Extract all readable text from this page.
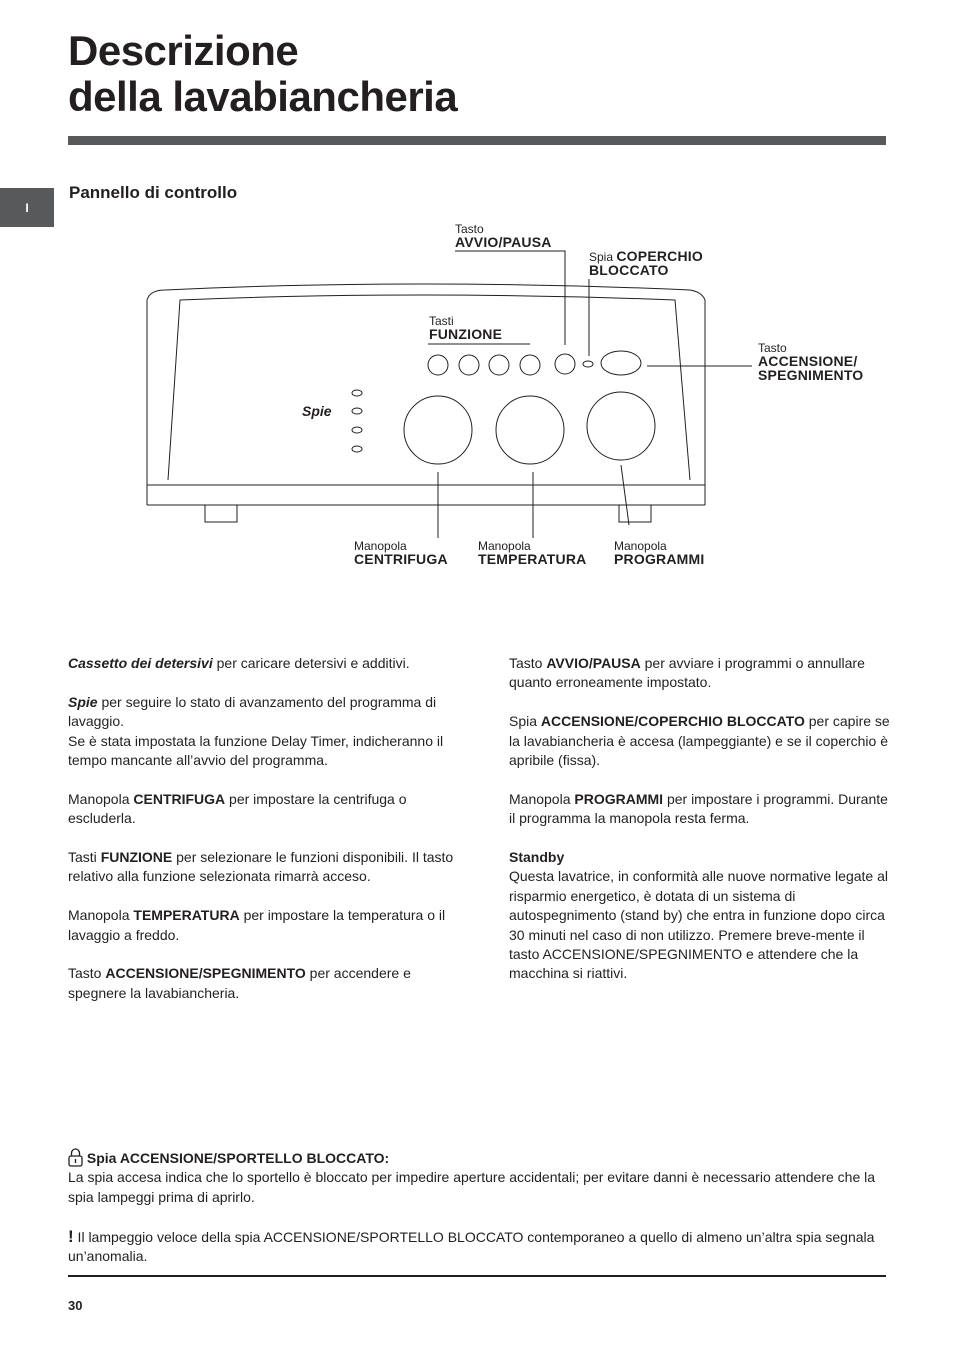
Descrizione
della lavabiancheria
I
Pannello di controllo
Tasto
AVVIO/PAUSA
Spia COPERCHIO
BLOCCATO
Tasti
FUNZIONE
Tasto
ACCENSIONE/
SPEGNIMENTO
Spie
Manopola
CENTRIFUGA
Manopola
TEMPERATURA
Manopola
PROGRAMMI

Cassetto dei detersivi per caricare detersivi e additivi.

Spie per seguire lo stato di avanzamento del programma di lavaggio.
Se è stata impostata la funzione Delay Timer, indicheranno il tempo mancante all’avvio del programma.

Manopola CENTRIFUGA per impostare la centrifuga o escluderla.

Tasti FUNZIONE per selezionare le funzioni disponibili. Il tasto relativo alla funzione selezionata rimarrà acceso.

Manopola TEMPERATURA per impostare la temperatura o il lavaggio a freddo.

Tasto ACCENSIONE/SPEGNIMENTO per accendere e spegnere la lavabiancheria.

Tasto AVVIO/PAUSA per avviare i programmi o annullare quanto erroneamente impostato.

Spia ACCENSIONE/COPERCHIO BLOCCATO per capire se la lavabiancheria è accesa (lampeggiante) e se il coperchio è apribile (fissa).

Manopola PROGRAMMI per impostare i programmi. Durante il programma la manopola resta ferma.

Standby
Questa lavatrice, in conformità alle nuove normative legate al risparmio energetico, è dotata di un sistema di autospegnimento (stand by) che entra in funzione dopo circa 30 minuti nel caso di non utilizzo. Premere breve-mente il tasto ACCENSIONE/SPEGNIMENTO e attendere che la macchina si riattivi.

Spia ACCENSIONE/SPORTELLO BLOCCATO:
La spia accesa indica che lo sportello è bloccato per impedire aperture accidentali; per evitare danni è necessario attendere che la spia lampeggi prima di aprirlo.

! Il lampeggio veloce della spia ACCENSIONE/SPORTELLO BLOCCATO contemporaneo a quello di almeno un’altra spia segnala un’anomalia.

30
